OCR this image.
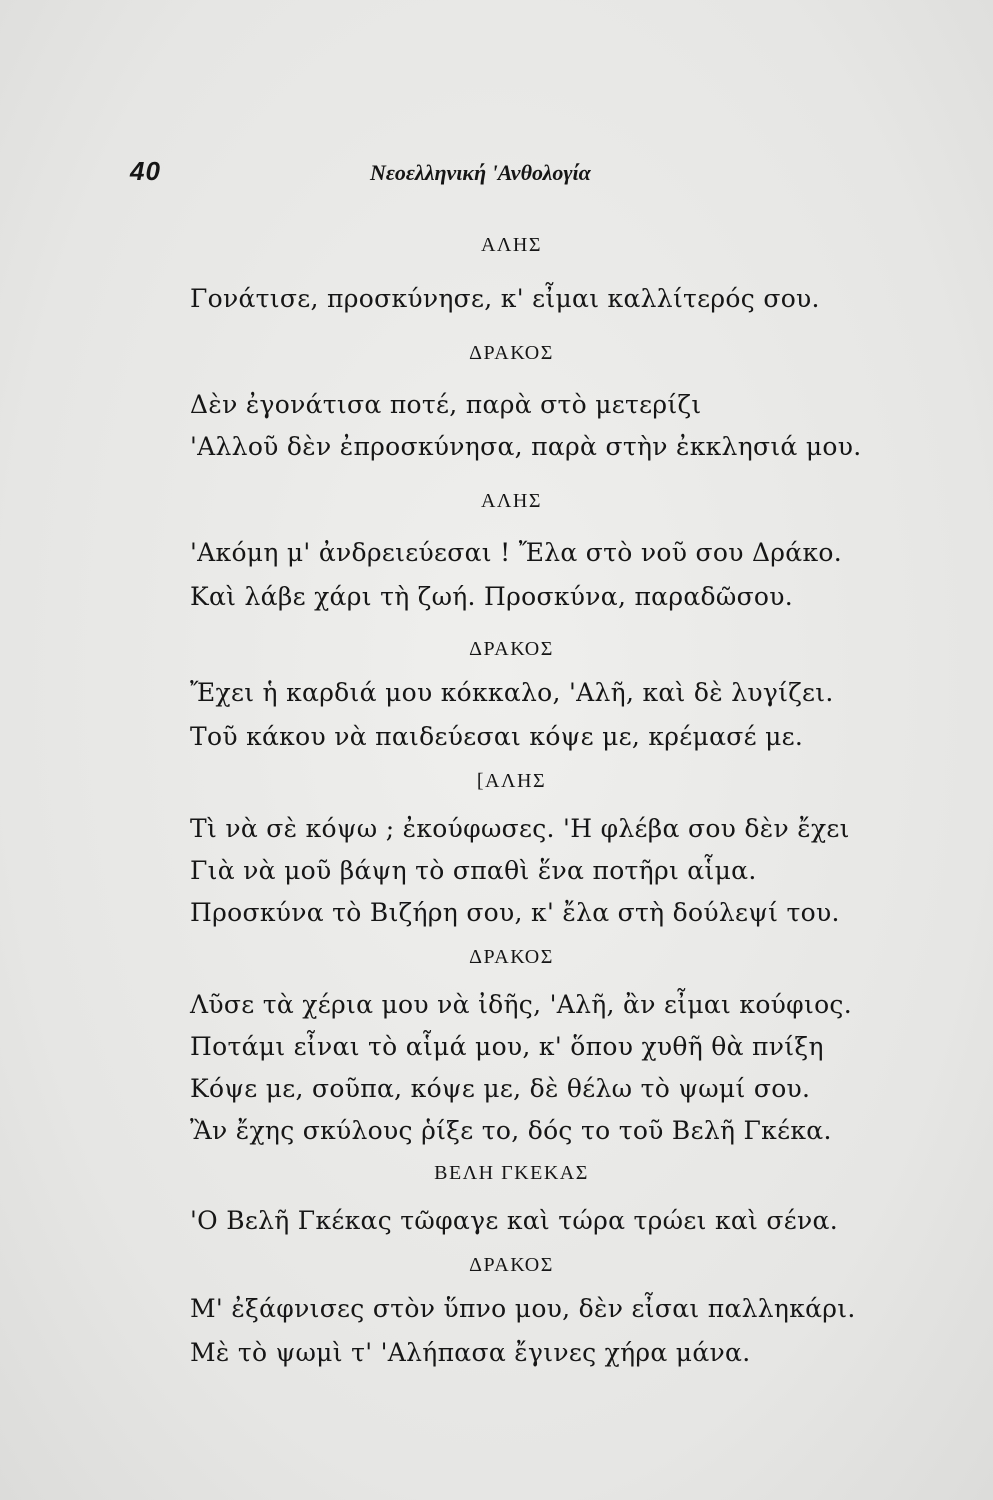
40	Νεοελληνική 'Ανθολογία
ΑΛΗΣ
Γονάτισε, προσκύνησε, κ' εἶμαι καλλίτερός σου.
ΔΡΑΚΟΣ
Δὲν ἐγονάτισα ποτέ, παρὰ στὸ μετερίζι
'Αλλοῦ δὲν ἐπροσκύνησα, παρὰ στὴν ἐκκλησιά μου.
ΑΛΗΣ
'Ακόμη μ' ἀνδρειεύεσαι ! Ἔλα στὸ νοῦ σου Δράκο.
Καὶ λάβε χάρι τὴ ζωή. Προσκύνα, παραδῶσου.
ΔΡΑΚΟΣ
Ἔχει ἡ καρδιά μου κόκκαλο, 'Αλῆ, καὶ δὲ λυγίζει.
Τοῦ κάκου νὰ παιδεύεσαι κόψε με, κρέμασέ με.
[ΑΛΗΣ
Τὶ νὰ σὲ κόψω ; ἐκούφωσες. 'Η φλέβα σου δὲν ἔχει
Γιὰ νὰ μοῦ βάψη τὸ σπαθὶ ἕνα ποτῆρι αἷμα.
Προσκύνα τὸ Βιζήρη σου, κ' ἔλα στὴ δούλεψί του.
ΔΡΑΚΟΣ
Λῦσε τὰ χέρια μου νὰ ἰδῆς, 'Αλῆ, ἂν εἶμαι κούφιος.
Ποτάμι εἶναι τὸ αἷμά μου, κ' ὅπου χυθῆ θὰ πνίξη
Κόψε με, σοῦπα, κόψε με, δὲ θέλω τὸ ψωμί σου.
Ἂν ἔχης σκύλους ῥίξε το, δός το τοῦ Βελῆ Γκέκα.
ΒΕΛΗ ΓΚΕΚΑΣ
'Ο Βελῆ Γκέκας τῶφαγε καὶ τώρα τρώει καὶ σένα.
ΔΡΑΚΟΣ
Μ' ἐξάφνισες στὸν ὕπνο μου, δὲν εἶσαι παλληκάρι.
Μὲ τὸ ψωμὶ τ' 'Αλήπασα ἔγινες χήρα μάνα.
